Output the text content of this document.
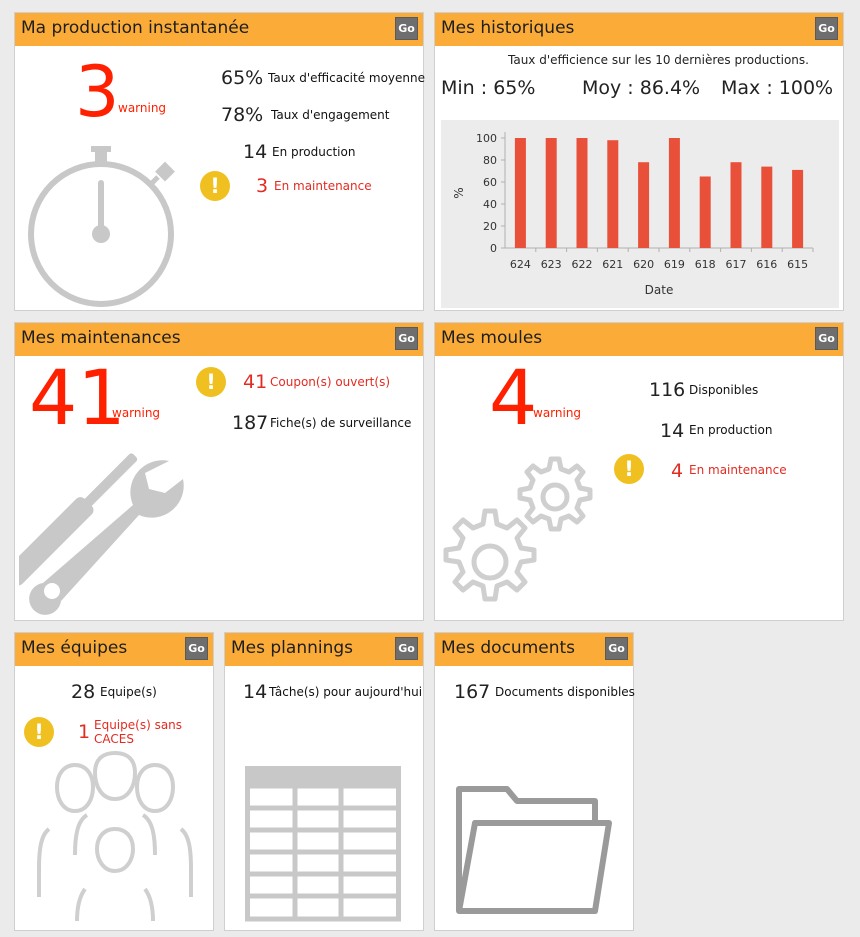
Ma production instantanée	Go
3
warning
65% Taux d'efficacité moyenne
78% Taux d'engagement
14 En production
!	3 En maintenance
Mes historiques	Go
Taux d'efficience sur les 10 dernières productions.
Min : 65% Moy : 86.4% Max : 100%
100
80
60
40
20
0
624 623 622 621 620 619 618 617 616 615
Date
%
Mes maintenances	Go
41
warning
!	41 Coupon(s) ouvert(s)
187 Fiche(s) de surveillance
Mes moules	Go
4
warning
116 Disponibles
14 En production
!	4 En maintenance
Mes équipes	Go
28 Equipe(s)
!	1 Equipe(s) sans
CACES
Mes plannings	Go
14 Tâche(s) pour aujourd'hui
Mes documents	Go
167 Documents disponibles
